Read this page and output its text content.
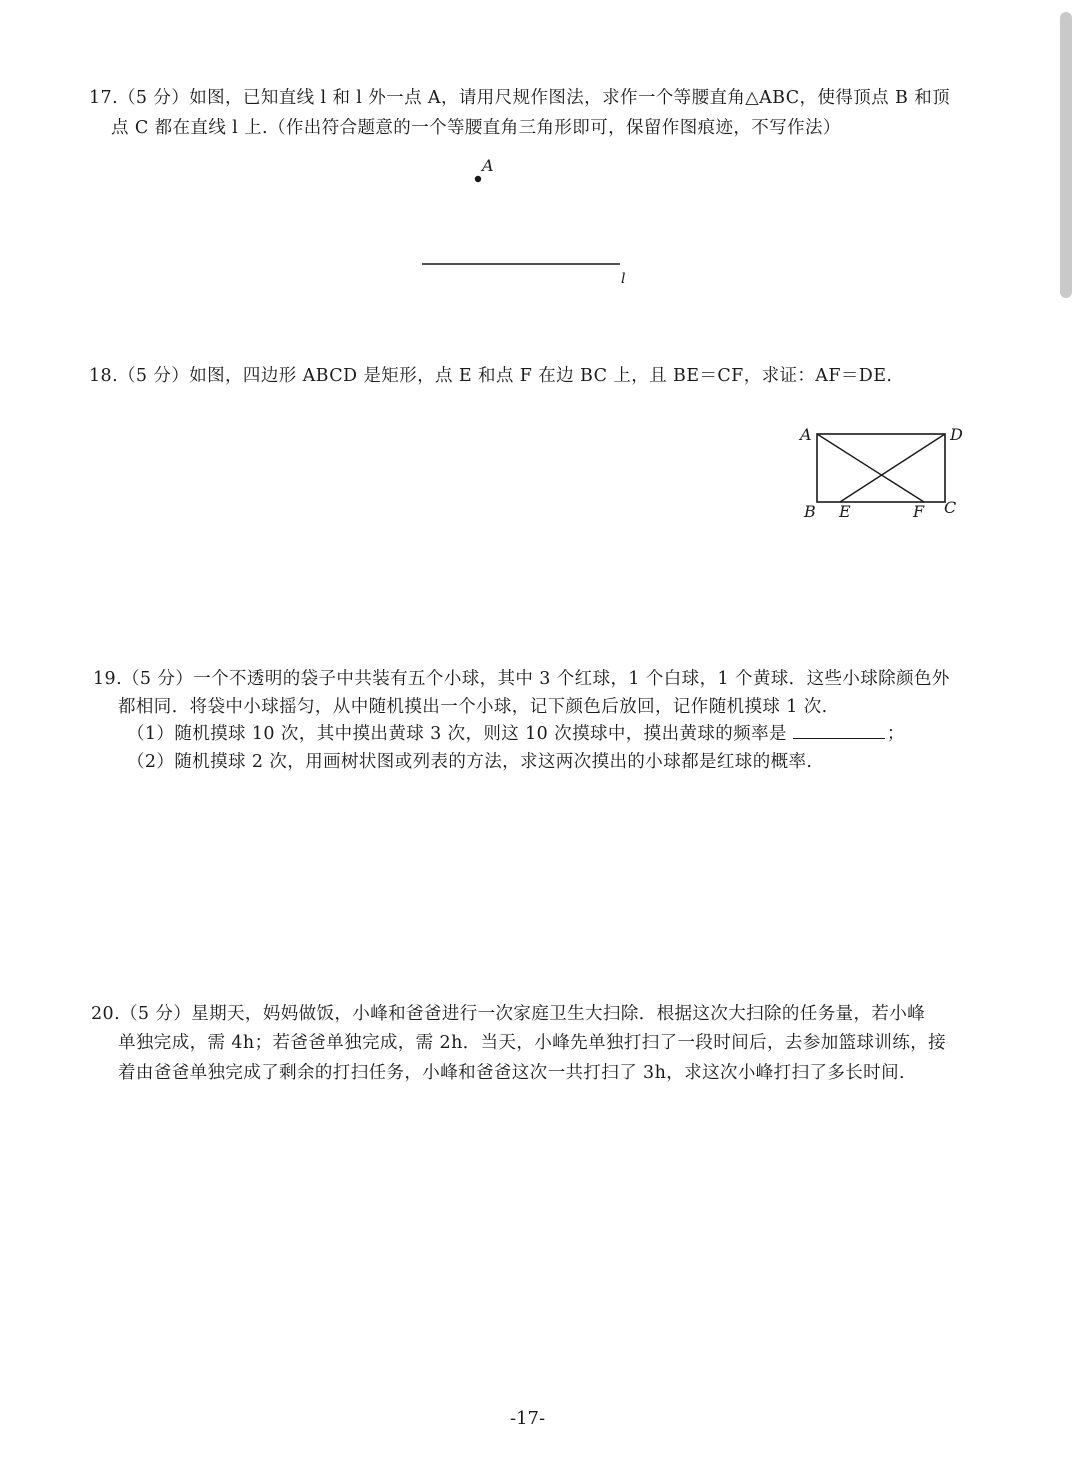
17.（5 分）如图，已知直线 l 和 l 外一点 A，请用尺规作图法，求作一个等腰直角△ABC，使得顶点 B 和顶
点 C 都在直线 l 上.（作出符合题意的一个等腰直角三角形即可，保留作图痕迹，不写作法）
A
l
18.（5 分）如图，四边形 ABCD 是矩形，点 E 和点 F 在边 BC 上，且 BE＝CF，求证：AF＝DE.
A	D
B E	F C
19.（5 分）一个不透明的袋子中共装有五个小球，其中 3 个红球，1 个白球，1 个黄球．这些小球除颜色外
都相同．将袋中小球摇匀，从中随机摸出一个小球，记下颜色后放回，记作随机摸球 1 次.
（1）随机摸球 10 次，其中摸出黄球 3 次，则这 10 次摸球中，摸出黄球的频率是	；
（2）随机摸球 2 次，用画树状图或列表的方法，求这两次摸出的小球都是红球的概率.
20.（5 分）星期天，妈妈做饭，小峰和爸爸进行一次家庭卫生大扫除．根据这次大扫除的任务量，若小峰
单独完成，需 4h；若爸爸单独完成，需 2h．当天，小峰先单独打扫了一段时间后，去参加篮球训练，接
着由爸爸单独完成了剩余的打扫任务，小峰和爸爸这次一共打扫了 3h，求这次小峰打扫了多长时间.
-17-
